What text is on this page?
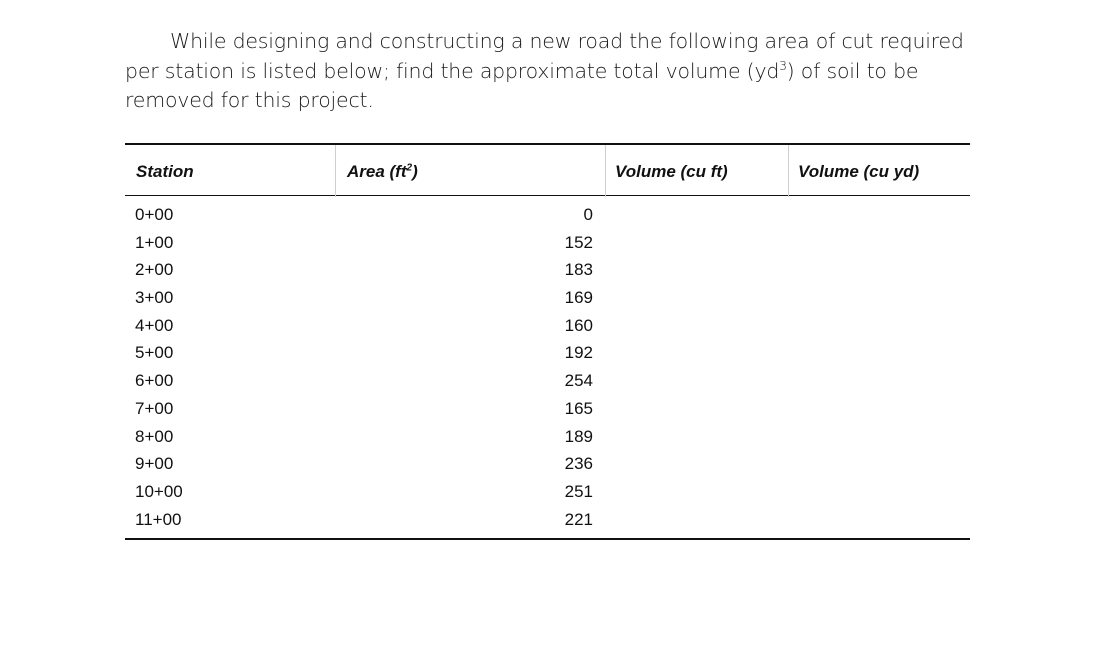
While designing and constructing a new road the following area of cut required per station is listed below; find the approximate total volume $(yd^3)$ of soil to be removed for this project.
Station	Area $(ft^2)$	Volume (cu ft)	Volume (cu yd)
0+00	0
1+00	152
2+00	183
3+00	169
4+00	160
5+00	192
6+00	254
7+00	165
8+00	189
9+00	236
10+00	251
11+00	221
